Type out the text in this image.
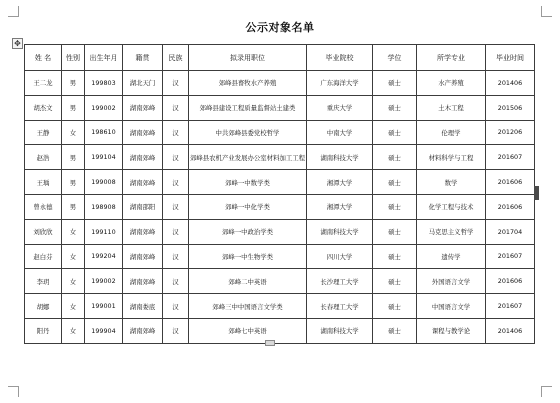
公示对象名单
✥
姓 名	性别	出生年月	籍贯	民族	拟录用职位	毕业院校	学位	所学专业	毕业时间
王二龙	男	199803	湖北天门	汉	郊峰县畜牧水产养殖	广东海洋大学	硕士	水产养殖	201406
胡杰文	男	199002	湖南郊峰	汉	郊峰县建设工程质量监督站土建类	重庆大学	硕士	土木工程	201506
王静	女	198610	湖南郊峰	汉	中共郊峰县委党校哲学	中南大学	硕士	伦理学	201206
赵浩	男	199104	湖南郊峰	汉	郊峰县农机产业发展办公室材料加工工程	湖南科技大学	硕士	材料科学与工程	201607
王瑀	男	199008	湖南郊峰	汉	郊峰一中数学类	湘潭大学	硕士	数学	201606
曾永德	男	198908	湖南邵阳	汉	郊峰一中化学类	湘潭大学	硕士	化学工程与技术	201606
刘欣欣	女	199110	湖南郊峰	汉	郊峰一中政治学类	湖南科技大学	硕士	马克思主义哲学	201704
赵白芬	女	199204	湖南郊峰	汉	郊峰一中生物学类	四川大学	硕士	遗传学	201607
李玥	女	199002	湖南郊峰	汉	郊峰二中英语	长沙理工大学	硕士	外国语言文学	201606
胡娜	女	199001	湖南娄底	汉	郊峰三中中国语言文学类	长春理工大学	硕士	中国语言文学	201607
阳丹	女	199904	湖南郊峰	汉	郊峰七中英语	湖南科技大学	硕士	课程与教学论	201406
